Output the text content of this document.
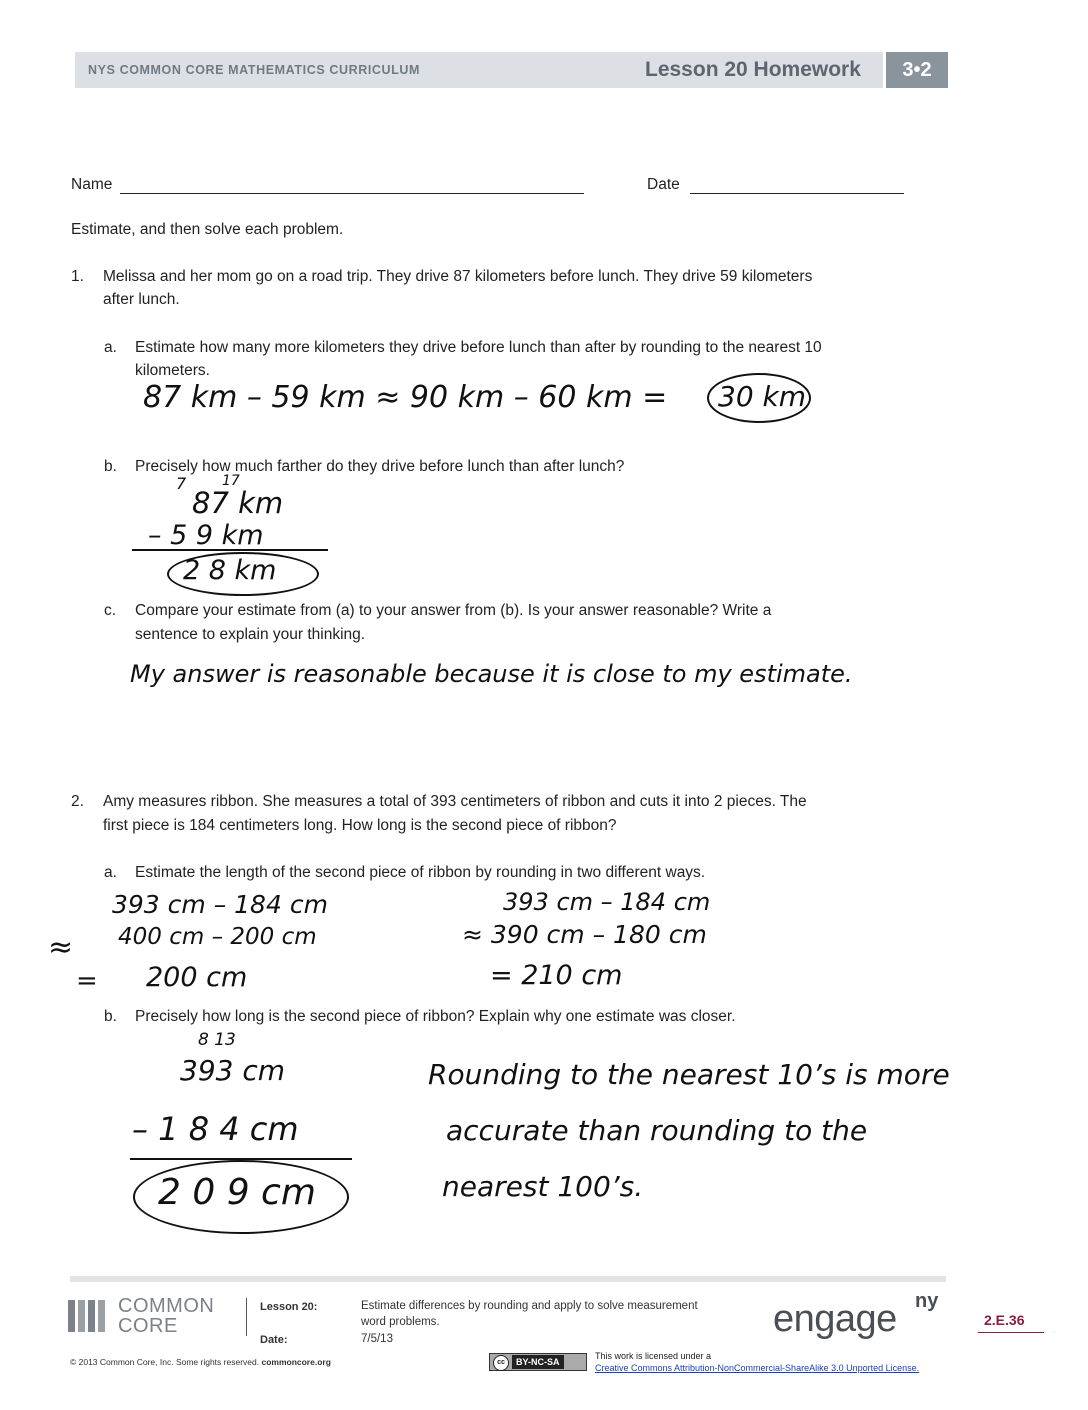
NYS COMMON CORE MATHEMATICS CURRICULUM	Lesson 20 Homework	3•2
Name	Date
Estimate, and then solve each problem.
1. Melissa and her mom go on a road trip. They drive 87 kilometers before lunch. They drive 59 kilometers
after lunch.
a. Estimate how many more kilometers they drive before lunch than after by rounding to the nearest 10
kilometers.
87 km – 59 km ≈ 90 km – 60 km = 30 km
b. Precisely how much farther do they drive before lunch than after lunch?
7	17
87 km
– 5 9 km
2 8 km
c. Compare your estimate from (a) to your answer from (b). Is your answer reasonable? Write a
sentence to explain your thinking.
My answer is reasonable because it is close to my estimate.
2. Amy measures ribbon. She measures a total of 393 centimeters of ribbon and cuts it into 2 pieces. The
first piece is 184 centimeters long. How long is the second piece of ribbon?
a. Estimate the length of the second piece of ribbon by rounding in two different ways.
393 cm – 184 cm
400 cm – 200 cm
≈
= 200 cm
393 cm – 184 cm
≈ 390 cm – 180 cm
= 210 cm
b. Precisely how long is the second piece of ribbon? Explain why one estimate was closer.
8 13
393 cm
– 1 8 4 cm
2 0 9 cm
Rounding to the nearest 10’s is more
accurate than rounding to the
nearest 100’s.
COMMON
CORE
Lesson 20:	Estimate differences by rounding and apply to solve measurement
word problems.
Date:	7/5/13	engage ny
2.E.36
© 2013 Common Core, Inc. Some rights reserved. commoncore.org	cc	BY-NC-SA
This work is licensed under a
Creative Commons Attribution-NonCommercial-ShareAlike 3.0 Unported License.
